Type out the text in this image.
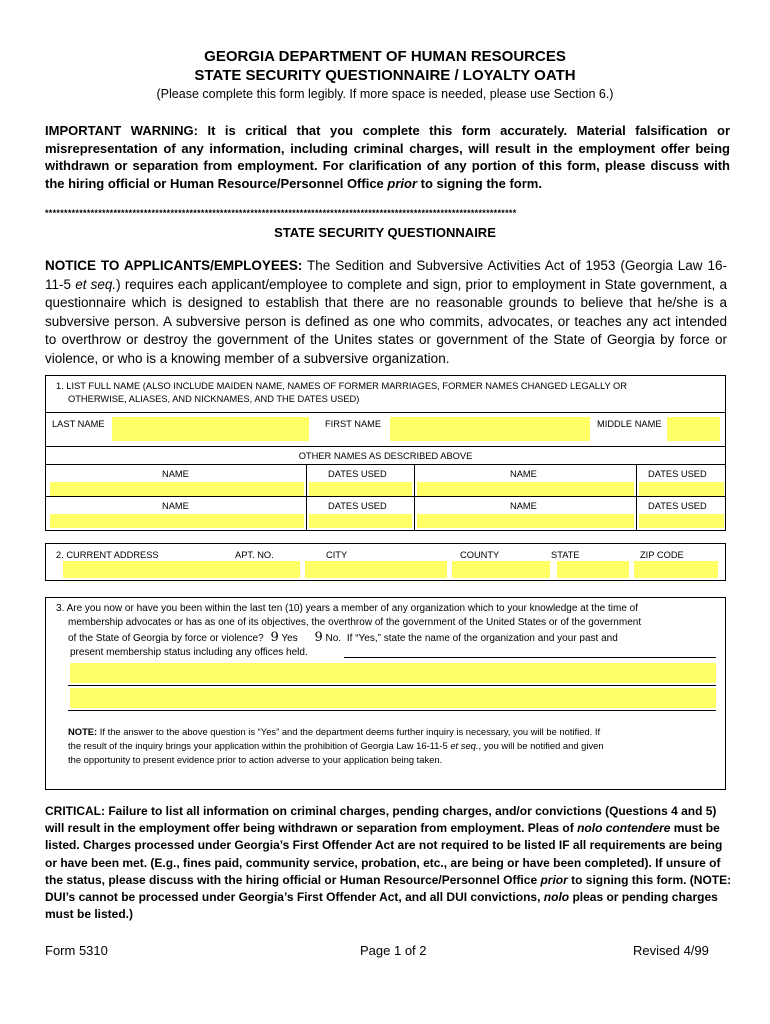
GEORGIA DEPARTMENT OF HUMAN RESOURCES
STATE SECURITY QUESTIONNAIRE / LOYALTY OATH
(Please complete this form legibly. If more space is needed, please use Section 6.)
IMPORTANT WARNING: It is critical that you complete this form accurately. Material falsification or misrepresentation of any information, including criminal charges, will result in the employment offer being withdrawn or separation from employment. For clarification of any portion of this form, please discuss with the hiring official or Human Resource/Personnel Office prior to signing the form.
****************************************************************************************************************************
STATE SECURITY QUESTIONNAIRE
NOTICE TO APPLICANTS/EMPLOYEES: The Sedition and Subversive Activities Act of 1953 (Georgia Law 16-11-5 et seq.) requires each applicant/employee to complete and sign, prior to employment in State government, a questionnaire which is designed to establish that there are no reasonable grounds to believe that he/she is a subversive person. A subversive person is defined as one who commits, advocates, or teaches any act intended to overthrow or destroy the government of the Unites states or government of the State of Georgia by force or violence, or who is a knowing member of a subversive organization.
1. LIST FULL NAME (ALSO INCLUDE MAIDEN NAME, NAMES OF FORMER MARRIAGES, FORMER NAMES CHANGED LEGALLY OR
OTHERWISE, ALIASES, AND NICKNAMES, AND THE DATES USED)
LAST NAME	FIRST NAME	MIDDLE NAME
OTHER NAMES AS DESCRIBED ABOVE
NAME	DATES USED	NAME	DATES USED
NAME	DATES USED	NAME	DATES USED
2. CURRENT ADDRESS	APT. NO.	CITY	COUNTY	STATE	ZIP CODE
3. Are you now or have you been within the last ten (10) years a member of any organization which to your knowledge at the time of
membership advocates or has as one of its objectives, the overthrow of the government of the United States or of the government
of the State of Georgia by force or violence? 9 Yes 9 No. If “Yes,” state the name of the organization and your past and
present membership status including any offices held.
NOTE: If the answer to the above question is “Yes” and the department deems further inquiry is necessary, you will be notified. If
the result of the inquiry brings your application within the prohibition of Georgia Law 16-11-5 et seq., you will be notified and given
the opportunity to present evidence prior to action adverse to your application being taken.
CRITICAL: Failure to list all information on criminal charges, pending charges, and/or convictions (Questions 4 and 5) will result in the employment offer being withdrawn or separation from employment. Pleas of nolo contendere must be listed. Charges processed under Georgia’s First Offender Act are not required to be listed IF all requirements are being or have been met. (E.g., fines paid, community service, probation, etc., are being or have been completed). If unsure of the status, please discuss with the hiring official or Human Resource/Personnel Office prior to signing this form. (NOTE: DUI’s cannot be processed under Georgia’s First Offender Act, and all DUI convictions, nolo pleas or pending charges must be listed.)
Form 5310	Page 1 of 2	Revised 4/99
